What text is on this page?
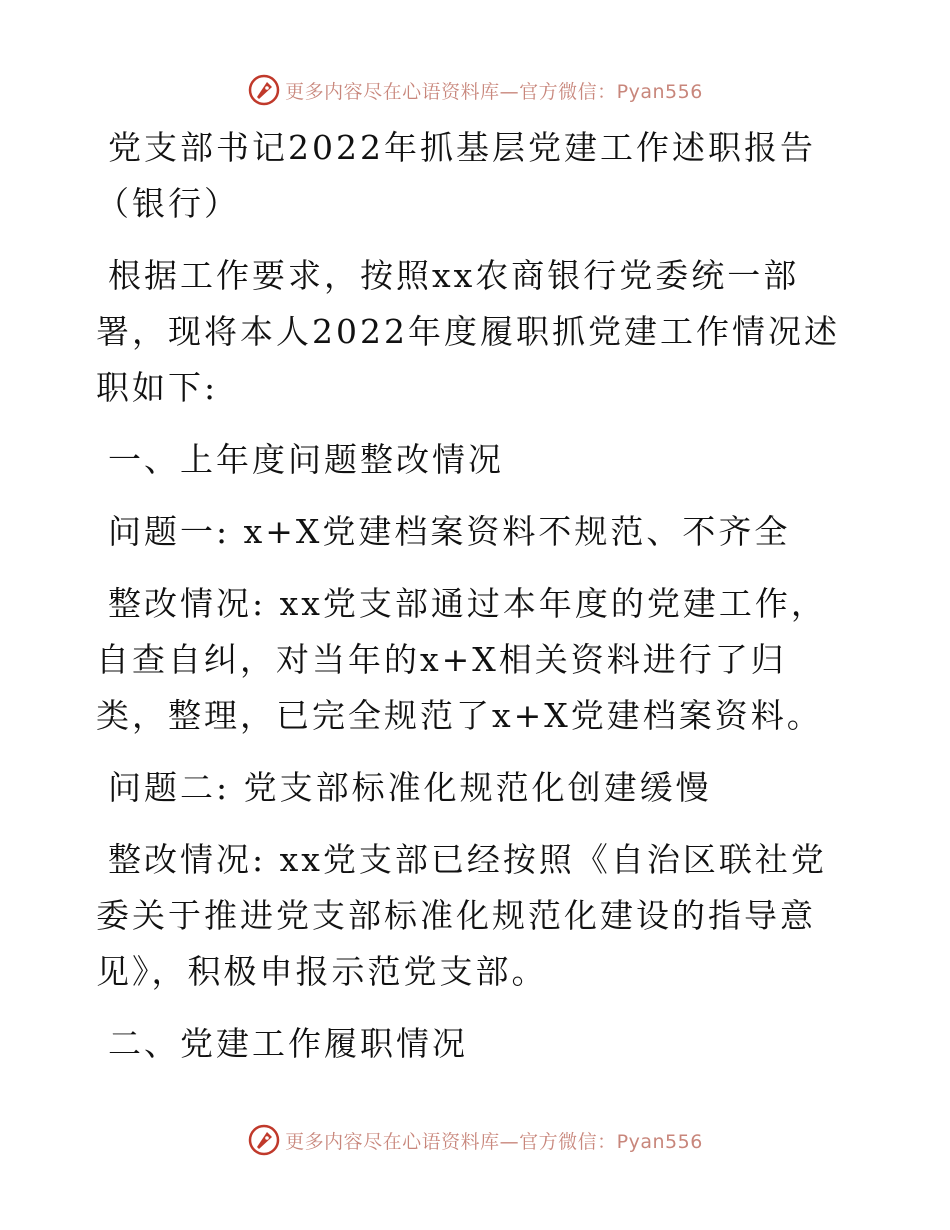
更多内容尽在心语资料库—官方微信：Pyan556

党支部书记2022年抓基层党建工作述职报告（银行）

根据工作要求，按照xx农商银行党委统一部署，现将本人2022年度履职抓党建工作情况述职如下:

一、上年度问题整改情况

问题一: x+X党建档案资料不规范、不齐全

整改情况: xx党支部通过本年度的党建工作，自查自纠，对当年的x+X相关资料进行了归类，整理，已完全规范了x+X党建档案资料。

问题二: 党支部标准化规范化创建缓慢

整改情况: xx党支部已经按照《自治区联社党委关于推进党支部标准化规范化建设的指导意见》，积极申报示范党支部。

二、党建工作履职情况

更多内容尽在心语资料库—官方微信：Pyan556
